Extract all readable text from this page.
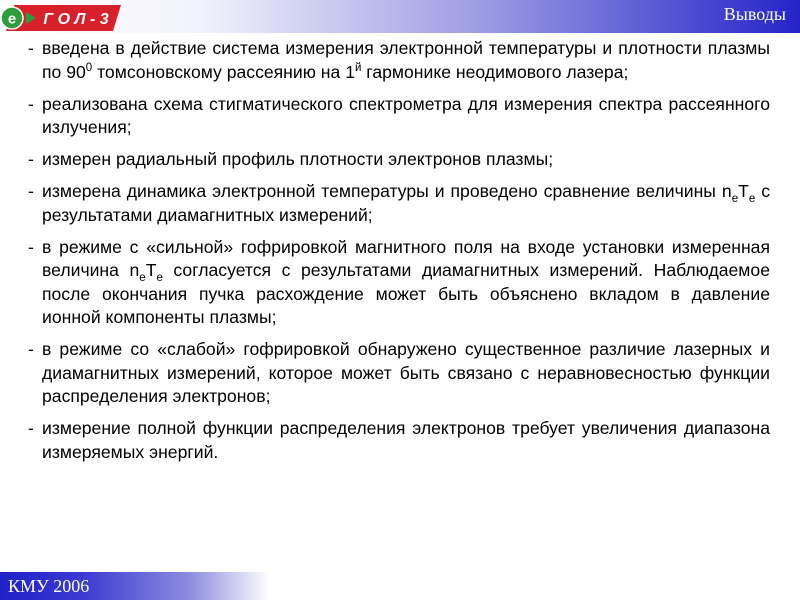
e Г О Л - 3	Выводы
- введена в действие система измерения электронной температуры и плотности плазмы по $90^0$ томсоновскому рассеянию на $1^й$ гармонике неодимового лазера;
- реализована схема стигматического спектрометра для измерения спектра рассеянного излучения;
- измерен радиальный профиль плотности электронов плазмы;
- измерена динамика электронной температуры и проведено сравнение величины $n_eT_e$ с результатами диамагнитных измерений;
- в режиме с «сильной» гофрировкой магнитного поля на входе установки измеренная величина $n_eT_e$ согласуется с результатами диамагнитных измерений. Наблюдаемое после окончания пучка расхождение может быть объяснено вкладом в давление ионной компоненты плазмы;
- в режиме со «слабой» гофрировкой обнаружено существенное различие лазерных и диамагнитных измерений, которое может быть связано с неравновесностью функции распределения электронов;
- измерение полной функции распределения электронов требует увеличения диапазона измеряемых энергий.
КМУ 2006
